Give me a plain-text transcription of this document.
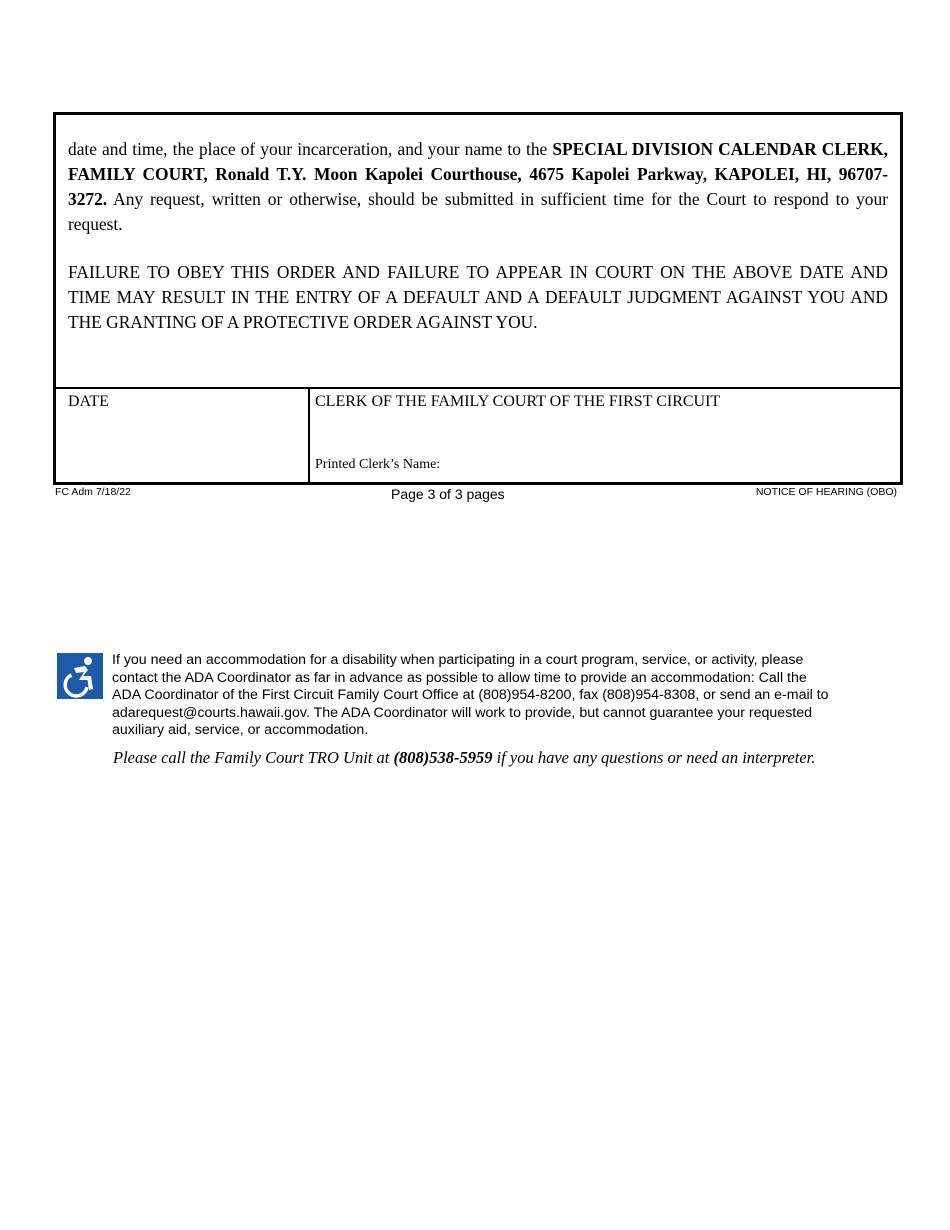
date and time, the place of your incarceration, and your name to the SPECIAL DIVISION CALENDAR CLERK, FAMILY COURT, Ronald T.Y. Moon Kapolei Courthouse, 4675 Kapolei Parkway, KAPOLEI, HI, 96707-3272. Any request, written or otherwise, should be submitted in sufficient time for the Court to respond to your request.

FAILURE TO OBEY THIS ORDER AND FAILURE TO APPEAR IN COURT ON THE ABOVE DATE AND TIME MAY RESULT IN THE ENTRY OF A DEFAULT AND A DEFAULT JUDGMENT AGAINST YOU AND THE GRANTING OF A PROTECTIVE ORDER AGAINST YOU.

DATE	CLERK OF THE FAMILY COURT OF THE FIRST CIRCUIT
Printed Clerk’s Name:
FC Adm 7/18/22	Page 3 of 3 pages	NOTICE OF HEARING (OBO)
If you need an accommodation for a disability when participating in a court program, service, or activity, please
contact the ADA Coordinator as far in advance as possible to allow time to provide an accommodation: Call the
ADA Coordinator of the First Circuit Family Court Office at (808)954-8200, fax (808)954-8308, or send an e-mail to
adarequest@courts.hawaii.gov. The ADA Coordinator will work to provide, but cannot guarantee your requested
auxiliary aid, service, or accommodation.
Please call the Family Court TRO Unit at (808)538-5959 if you have any questions or need an interpreter.
